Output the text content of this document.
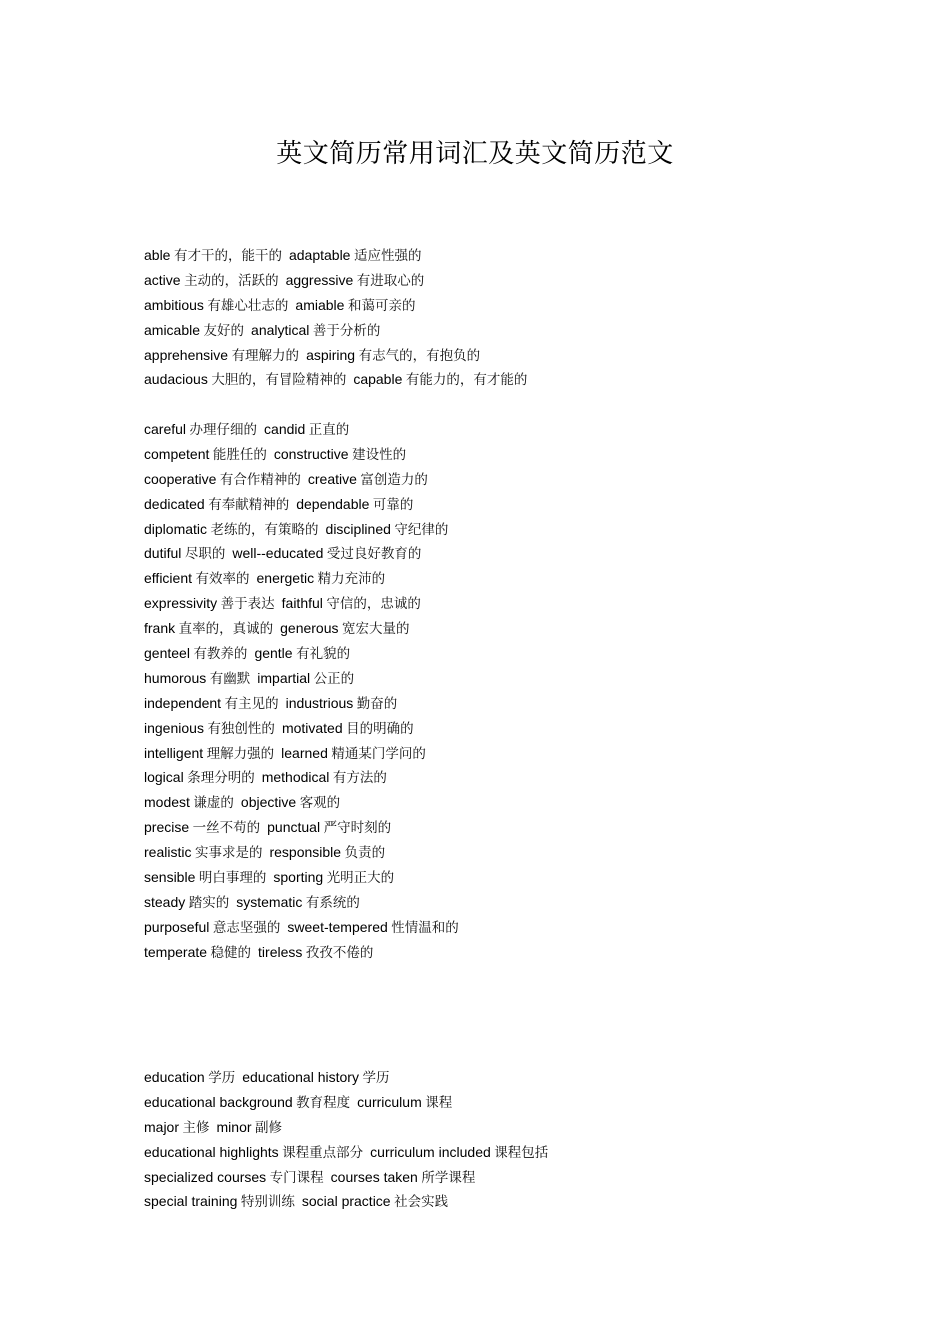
英文简历常用词汇及英文简历范文
able 有才干的，能干的 adaptable 适应性强的
active 主动的，活跃的 aggressive 有进取心的
ambitious 有雄心壮志的 amiable 和蔼可亲的
amicable 友好的 analytical 善于分析的
apprehensive 有理解力的 aspiring 有志气的，有抱负的
audacious 大胆的，有冒险精神的 capable 有能力的，有才能的
careful 办理仔细的 candid 正直的
competent 能胜任的 constructive 建设性的
cooperative 有合作精神的 creative 富创造力的
dedicated 有奉献精神的 dependable 可靠的
diplomatic 老练的，有策略的 disciplined 守纪律的
dutiful 尽职的 well--educated 受过良好教育的
efficient 有效率的 energetic 精力充沛的
expressivity 善于表达 faithful 守信的，忠诚的
frank 直率的，真诚的 generous 宽宏大量的
genteel 有教养的 gentle 有礼貌的
humorous 有幽默 impartial 公正的
independent 有主见的 industrious 勤奋的
ingenious 有独创性的 motivated 目的明确的
intelligent 理解力强的 learned 精通某门学问的
logical 条理分明的 methodical 有方法的
modest 谦虚的 objective 客观的
precise 一丝不苟的 punctual 严守时刻的
realistic 实事求是的 responsible 负责的
sensible 明白事理的 sporting 光明正大的
steady 踏实的 systematic 有系统的
purposeful 意志坚强的 sweet-tempered 性情温和的
temperate 稳健的 tireless 孜孜不倦的
education 学历 educational history 学历
educational background 教育程度 curriculum 课程
major 主修 minor 副修
educational highlights 课程重点部分 curriculum included 课程包括
specialized courses 专门课程 courses taken 所学课程
special training 特别训练 social practice 社会实践
